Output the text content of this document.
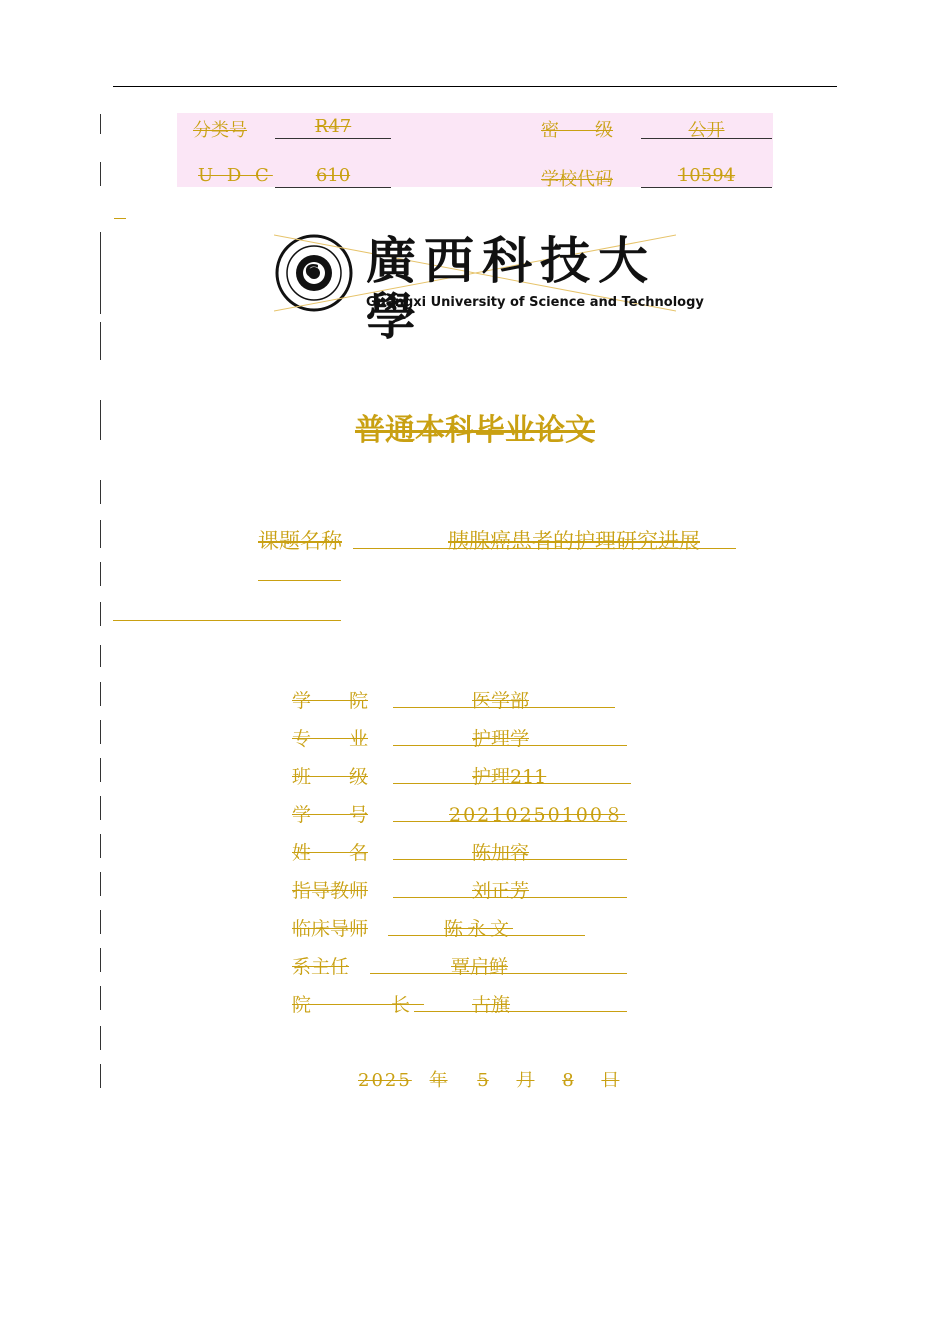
分类号	R47	密　　级	公开
U D C	610	学校代码	10594
廣西科技大學
Guangxi University of Science and Technology
G
普通本科毕业论文
课题名称	胰腺癌患者的护理研究进展
学　　院	医学部
专　　业	护理学
班　　级	护理211
学　　号	20210250100８
姓　　名	陈加容
指导教师	刘正芳
临床导师	陈永文
系主任	覃启鲜
院　　长	古旗
2025 年 5 月 8 日
